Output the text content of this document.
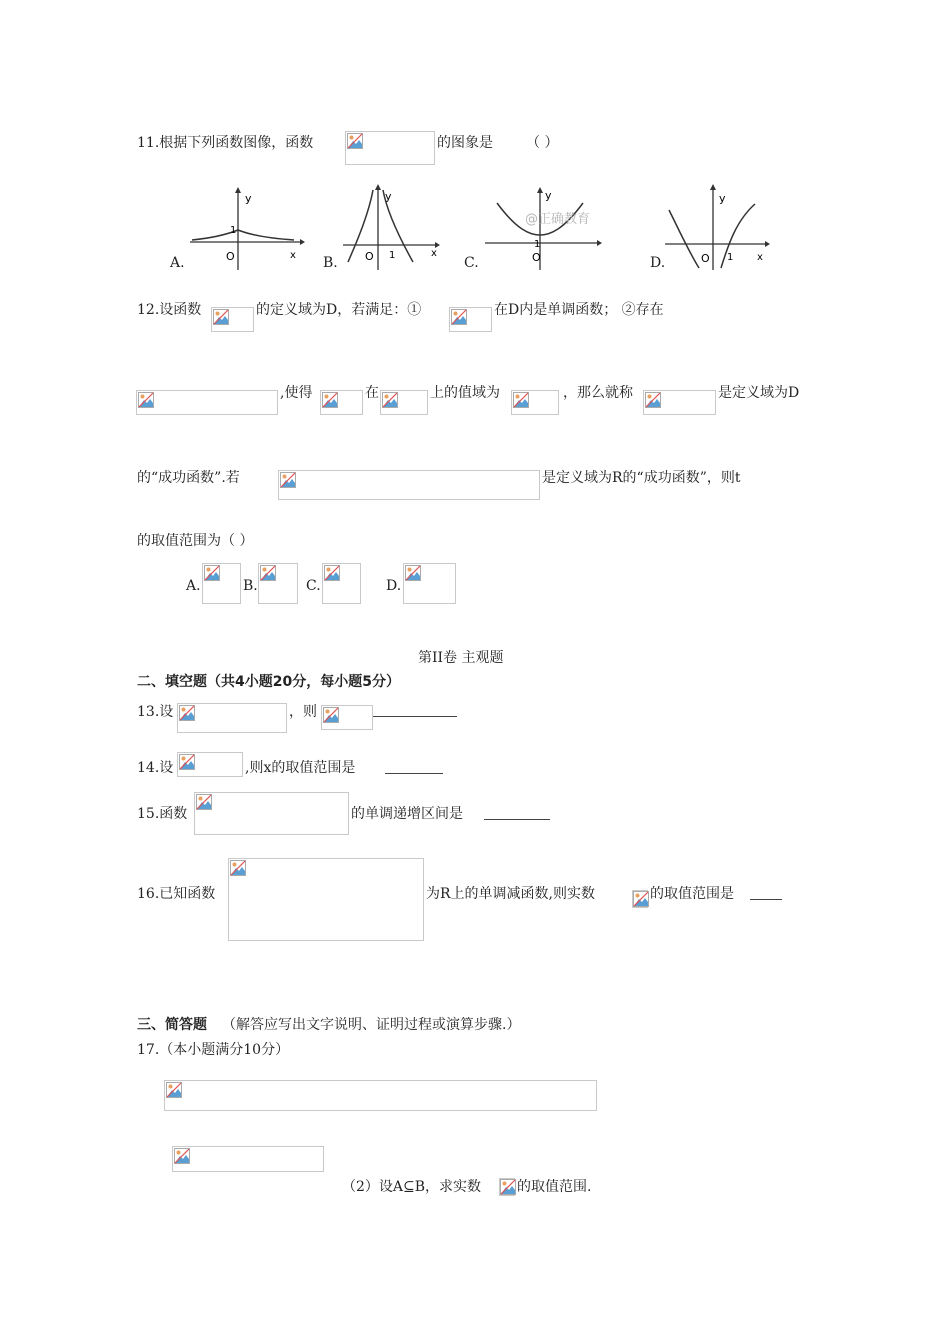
11.根据下列函数图像，函数	的图象是 （ ）
A.
y
1
O	x B.
y
O 1	x
C.
y
1
O
@正确教育
D.
y
O 1 x
12.设函数	的定义域为D，若满足：①	在D内是单调函数； ②存在
,使得	在	上的值域为	，那么就称	是定义域为D
的“成功函数”.若	是定义域为R的“成功函数”，则t
的取值范围为（ ）
A.	B.	C.	D.
第II卷 主观题
二、填空题（共4小题20分，每小题5分）
13.设	，则
14.设	,则x的取值范围是
15.函数	的单调递增区间是
16.已知函数	为R上的单调减函数,则实数	的取值范围是
三、简答题 （解答应写出文字说明、证明过程或演算步骤.）
17.（本小题满分10分）
（2）设A⊆B，求实数	的取值范围.
